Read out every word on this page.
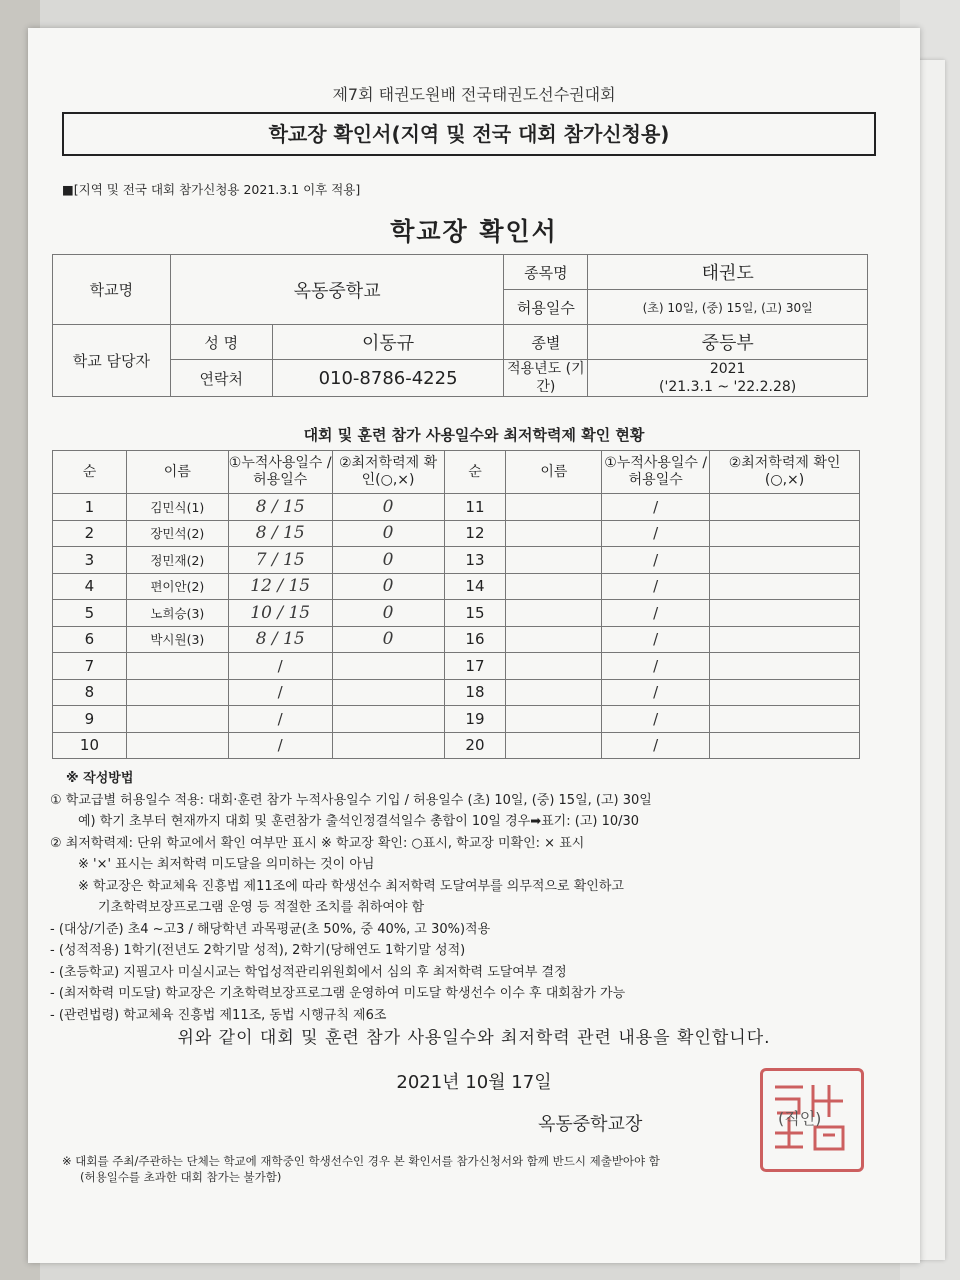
제7회 태권도원배 전국태권도선수권대회
학교장 확인서(지역 및 전국 대회 참가신청용)
■[지역 및 전국 대회 참가신청용 2021.3.1 이후 적용]
학교장 확인서
학교명	옥동중학교		종목명	태권도
			허용일수	(초) 10일, (중) 15일, (고) 30일
학교 담당자	성 명	이동규	종별	중등부
	연락처	010-8786-4225	적용년도 (기간)	2021
('21.3.1 ~ '22.2.28)
대회 및 훈련 참가 사용일수와 최저학력제 확인 현황
순	이름	①누적사용일수 /허용일수	②최저학력제 확인(○,×)	순	이름	①누적사용일수 /허용일수	②최저학력제 확인(○,×)
1	김민식(1)	8 / 15	0	11		/	
2	장민석(2)	8 / 15	0	12		/	
3	정민재(2)	7 / 15	0	13		/	
4	편이안(2)	12 / 15	0	14		/	
5	노희승(3)	10 / 15	0	15		/	
6	박시원(3)	8 / 15	0	16		/	
7		/		17		/	
8		/		18		/	
9		/		19		/	
10		/		20		/	

※ 작성방법

① 학교급별 허용일수 적용: 대회·훈련 참가 누적사용일수 기입 / 허용일수 (초) 10일, (중) 15일, (고) 30일

예) 학기 초부터 현재까지 대회 및 훈련참가 출석인정결석일수 총합이 10일 경우➡표기: (고) 10/30

② 최저학력제: 단위 학교에서 확인 여부만 표시 ※ 학교장 확인: ○표시, 학교장 미확인: × 표시

※ '×' 표시는 최저학력 미도달을 의미하는 것이 아님

※ 학교장은 학교체육 진흥법 제11조에 따라 학생선수 최저학력 도달여부를 의무적으로 확인하고

기초학력보장프로그램 운영 등 적절한 조치를 취하여야 함

- (대상/기준) 초4 ~고3 / 해당학년 과목평균(초 50%, 중 40%, 고 30%)적용

- (성적적용) 1학기(전년도 2학기말 성적), 2학기(당해연도 1학기말 성적)

- (초등학교) 지필고사 미실시교는 학업성적관리위원회에서 심의 후 최저학력 도달여부 결정

- (최저학력 미도달) 학교장은 기초학력보장프로그램 운영하여 미도달 학생선수 이수 후 대회참가 가능

- (관련법령) 학교체육 진흥법 제11조, 동법 시행규칙 제6조

위와 같이 대회 및 훈련 참가 사용일수와 최저학력 관련 내용을 확인합니다.
2021년 10월 17일
옥동중학교장	(직인)

※ 대회를 주최/주관하는 단체는 학교에 재학중인 학생선수인 경우 본 확인서를 참가신청서와 함께 반드시 제출받아야 함

(허용일수를 초과한 대회 참가는 불가함)
